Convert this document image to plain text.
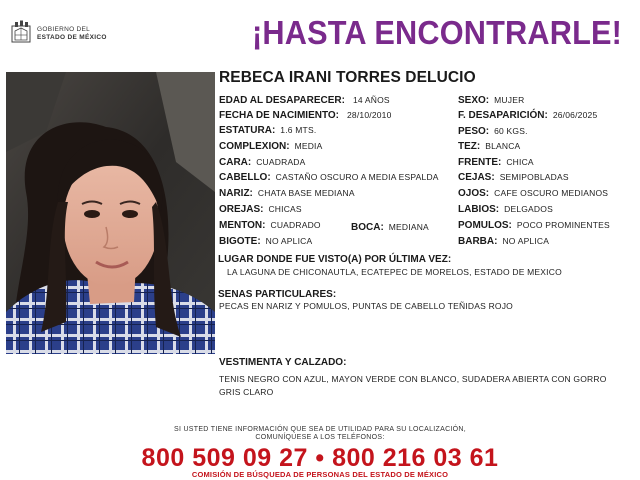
GOBIERNO DEL
ESTADO DE MÉXICO	¡HASTA ENCONTRARLE!
REBECA IRANI TORRES DELUCIO
EDAD AL DESAPARECER: 14 AÑOS
FECHA DE NACIMIENTO: 28/10/2010
ESTATURA: 1.6 MTS.
COMPLEXION: MEDIA
CARA: CUADRADA
CABELLO: CASTAÑO OSCURO A MEDIA ESPALDA
NARIZ: CHATA BASE MEDIANA
OREJAS: CHICAS
MENTON: CUADRADO
BIGOTE: NO APLICA
BOCA: MEDIANA
SEXO: MUJER
F. DESAPARICIÓN: 26/06/2025
PESO: 60 KGS.
TEZ: BLANCA
FRENTE: CHICA
CEJAS: SEMIPOBLADAS
OJOS: CAFE OSCURO MEDIANOS
LABIOS: DELGADOS
POMULOS: POCO PROMINENTES
BARBA: NO APLICA
LUGAR DONDE FUE VISTO(A) POR ÚLTIMA VEZ:
LA LAGUNA DE CHICONAUTLA, ECATEPEC DE MORELOS, ESTADO DE MEXICO
SENAS PARTICULARES:
PECAS EN NARIZ Y POMULOS, PUNTAS DE CABELLO TEÑIDAS ROJO
VESTIMENTA Y CALZADO:
TENIS NEGRO CON AZUL, MAYON VERDE CON BLANCO, SUDADERA ABIERTA CON GORRO GRIS CLARO
SI USTED TIENE INFORMACIÓN QUE SEA DE UTILIDAD PARA SU LOCALIZACIÓN,
COMUNÍQUESE A LOS TELÉFONOS:
800 509 09 27 • 800 216 03 61
COMISIÓN DE BÚSQUEDA DE PERSONAS DEL ESTADO DE MÉXICO
